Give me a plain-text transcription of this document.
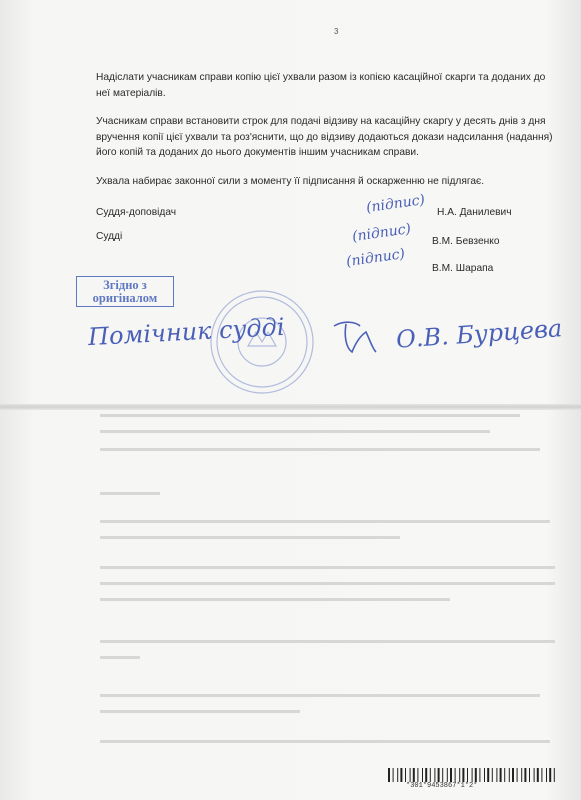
3

Надіслати учасникам справи копію цієї ухвали разом із копією касаційної скарги та доданих до неї матеріалів.

Учасникам справи встановити строк для подачі відзиву на касаційну скаргу у десять днів з дня вручення копії цієї ухвали та роз'яснити, що до відзиву додаються докази надсилання (надання) його копій та доданих до нього документів іншим учасникам справи.

Ухвала набирає законної сили з моменту її підписання й оскарженню не підлягає.

Суддя-доповідач
Судді
(підпис)
(підпис)
(підпис)
Н.А. Данилевич
В.М. Бевзенко
В.М. Шарапа
Згідно з
оригіналом
Помічник судді	О.В. Бурцева
*301*9453867*1*2*
